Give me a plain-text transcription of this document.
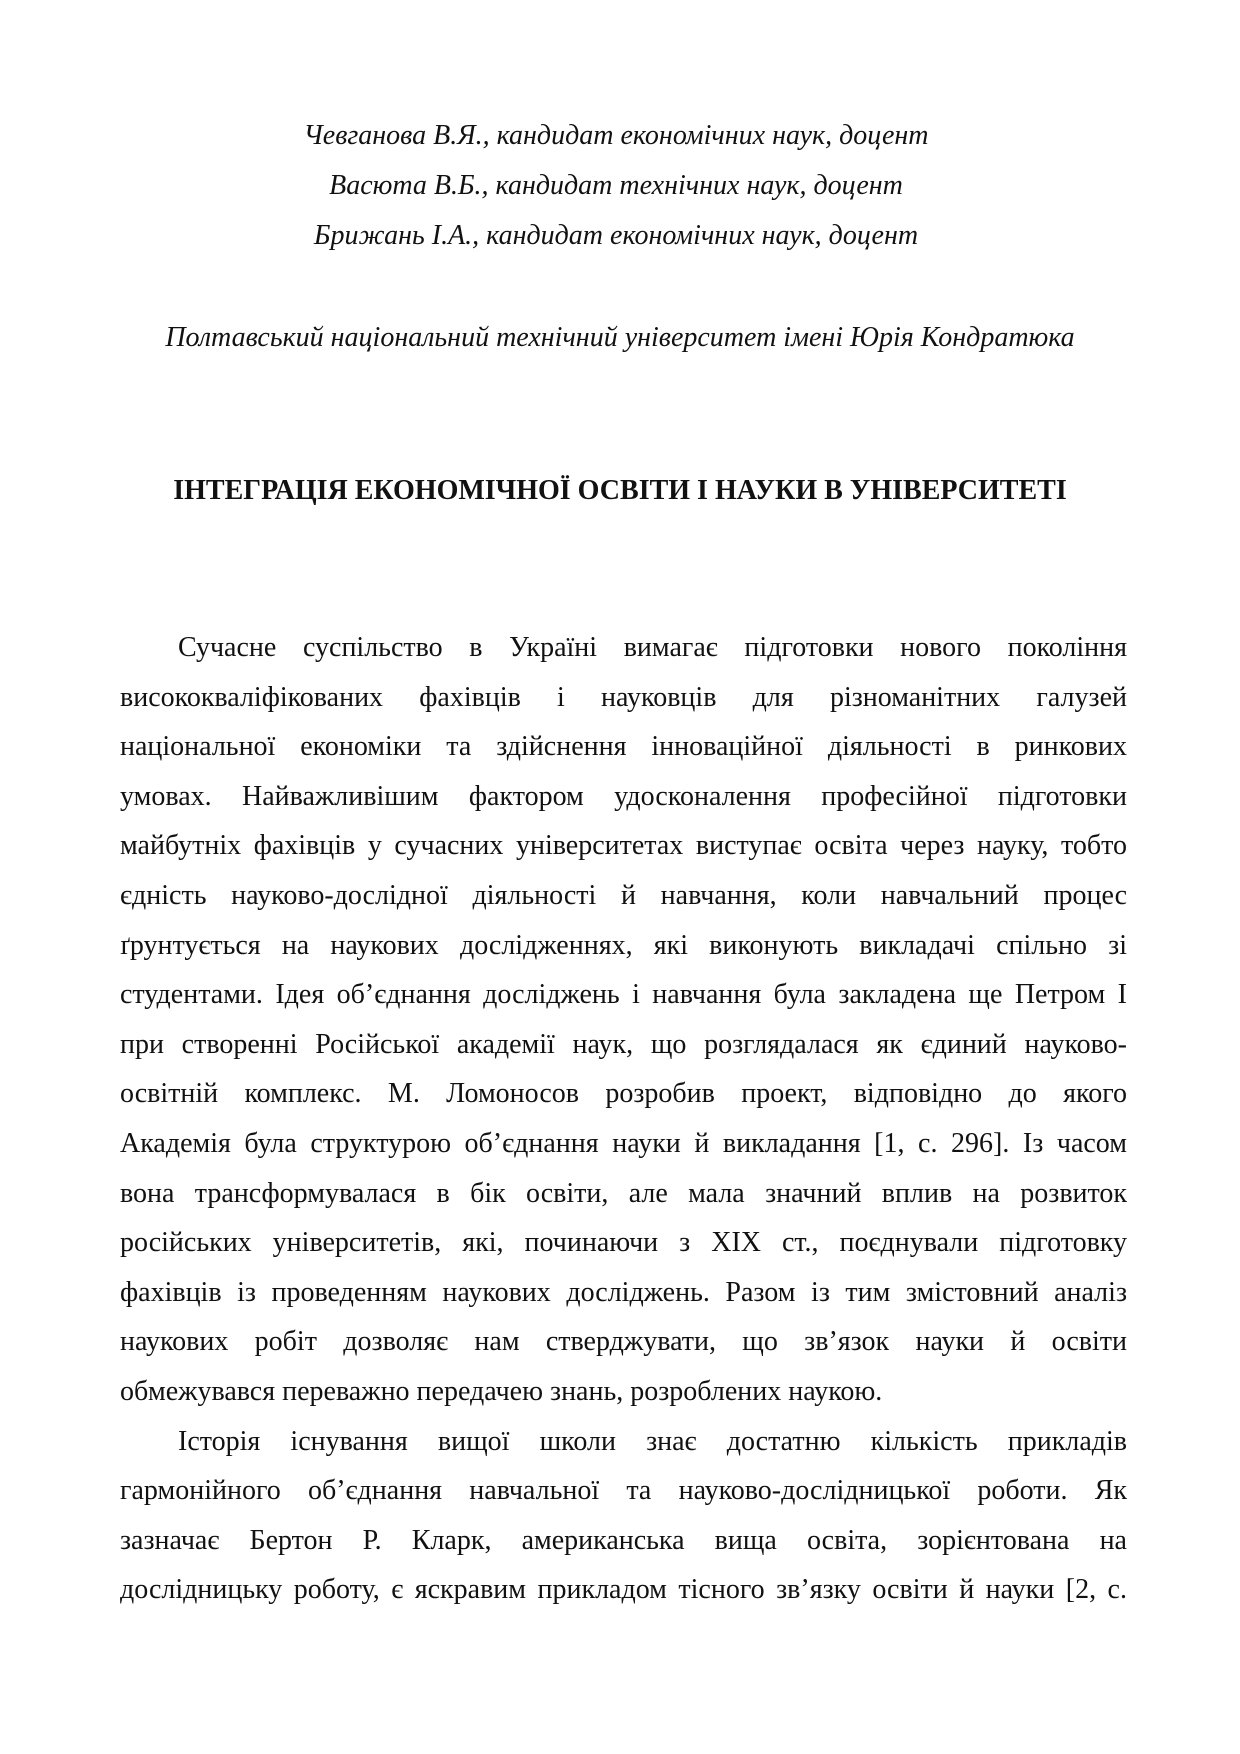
Чевганова В.Я., кандидат економічних наук, доцент
Васюта В.Б., кандидат технічних наук, доцент
Брижань І.А., кандидат економічних наук, доцент
Полтавський національний технічний університет імені Юрія Кондратюка
ІНТЕГРАЦІЯ ЕКОНОМІЧНОЇ ОСВІТИ І НАУКИ В УНІВЕРСИТЕТІ
Сучасне суспільство в Україні вимагає підготовки нового покоління
висококваліфікованих фахівців і науковців для різноманітних галузей
національної економіки та здійснення інноваційної діяльності в ринкових
умовах. Найважливішим фактором удосконалення професійної підготовки
майбутніх фахівців у сучасних університетах виступає освіта через науку, тобто
єдність науково-дослідної діяльності й навчання, коли навчальний процес
ґрунтується на наукових дослідженнях, які виконують викладачі спільно зі
студентами. Ідея об’єднання досліджень і навчання була закладена ще Петром І
при створенні Російської академії наук, що розглядалася як єдиний науково-
освітній комплекс. М. Ломоносов розробив проект, відповідно до якого
Академія була структурою об’єднання науки й викладання [1, с. 296]. Із часом
вона трансформувалася в бік освіти, але мала значний вплив на розвиток
російських університетів, які, починаючи з ХІХ ст., поєднували підготовку
фахівців із проведенням наукових досліджень. Разом із тим змістовний аналіз
наукових робіт дозволяє нам стверджувати, що зв’язок науки й освіти
обмежувався переважно передачею знань, розроблених наукою.
Історія існування вищої школи знає достатню кількість прикладів
гармонійного об’єднання навчальної та науково-дослідницької роботи. Як
зазначає Бертон Р. Кларк, американська вища освіта, зорієнтована на
дослідницьку роботу, є яскравим прикладом тісного зв’язку освіти й науки [2, с.
